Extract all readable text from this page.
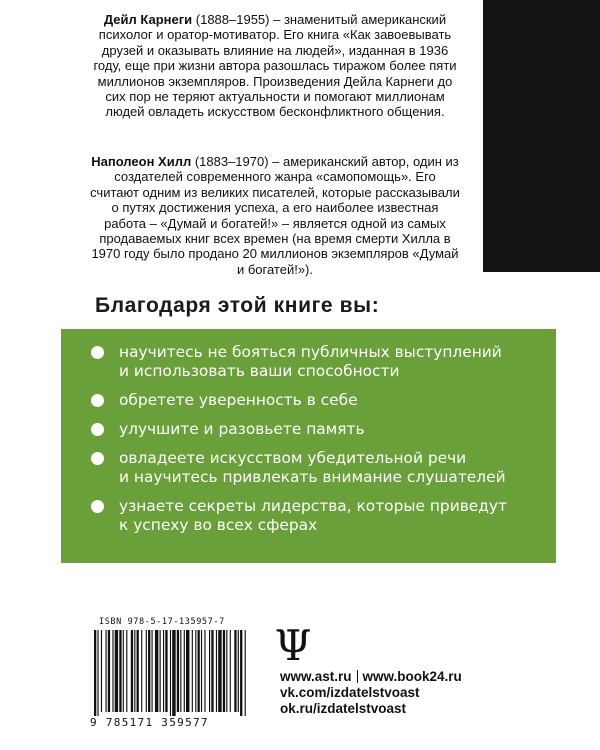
Дейл Карнеги (1888–1955) – знаменитый американский психолог и оратор-мотиватор. Его книга «Как завоевывать друзей и оказывать влияние на людей», изданная в 1936 году, еще при жизни автора разошлась тиражом более пяти миллионов экземпляров. Произведения Дейла Карнеги до сих пор не теряют актуальности и помогают миллионам людей овладеть искусством бесконфликтного общения.

Наполеон Хилл (1883–1970) – американский автор, один из создателей современного жанра «самопомощь». Его считают одним из великих писателей, которые рассказывали о путях достижения успеха, а его наиболее известная работа – «Думай и богатей!» – является одной из самых продаваемых книг всех времен (на время смерти Хилла в 1970 году было продано 20 миллионов экземпляров «Думай и богатей!»).

Благодаря этой книге вы:
научитесь не бояться публичных выступлений
и использовать ваши способности
обретете уверенность в себе
улучшите и разовьете память
овладеете искусством убедительной речи
и научитесь привлекать внимание слушателей
узнаете секреты лидерства, которые приведут
к успеху во всех сферах
ISBN 978-5-17-135957-7
9 785171 359577
Ψ
www.ast.ru www.book24.ru
vk.com/izdatelstvoast
ok.ru/izdatelstvoast
